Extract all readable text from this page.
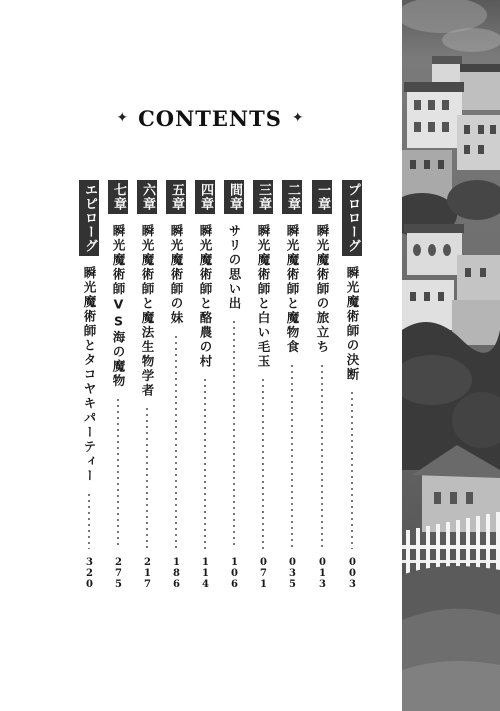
✦ CONTENTS ✦
プロローグ
瞬光魔術師の決断
003
一章
瞬光魔術師の旅立ち
013
二章
瞬光魔術師と魔物食
035
三章
瞬光魔術師と白い毛玉
071
間章
サリの思い出
106
四章
瞬光魔術師と酪農の村
114
五章
瞬光魔術師の妹
186
六章
瞬光魔術師と魔法生物学者
217
七章
瞬光魔術師VS海の魔物
275
エピローグ
瞬光魔術師とタコヤキパーティー
320
